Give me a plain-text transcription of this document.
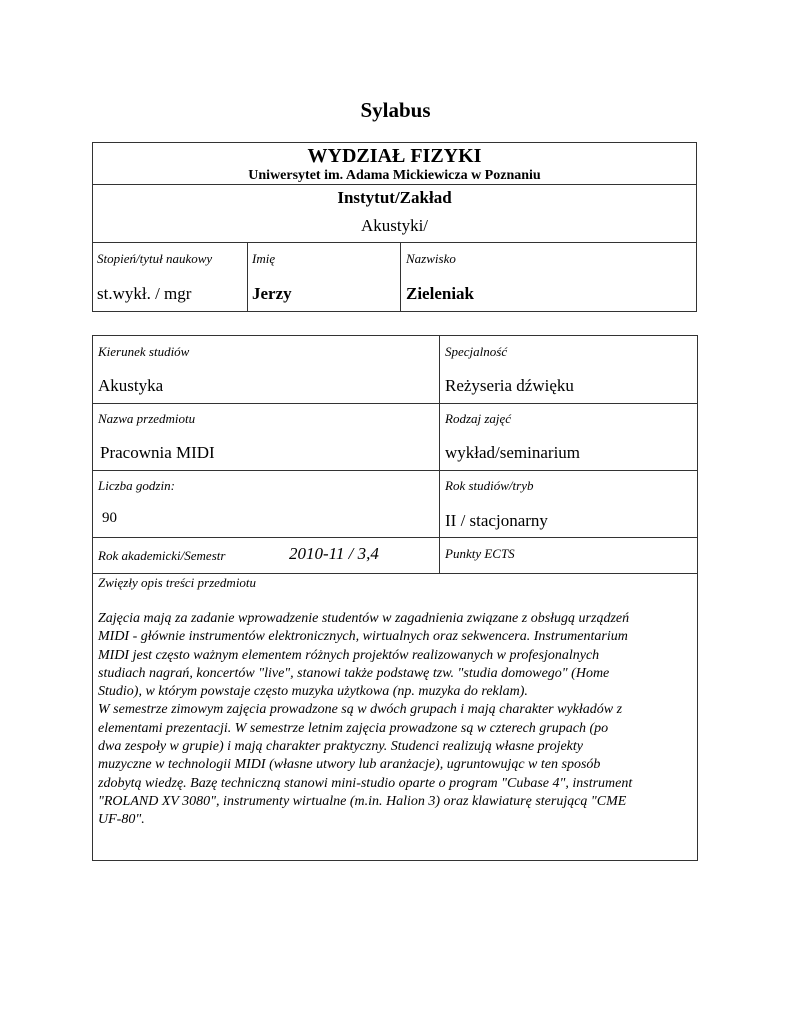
Sylabus
WYDZIAŁ FIZYKI
Uniwersytet im. Adama Mickiewicza w Poznaniu
Instytut/Zakład
Akustyki/
Stopień/tytuł naukowy
st.wykł. / mgr
Imię
Jerzy
Nazwisko
Zieleniak
Kierunek studiów
Akustyka
Specjalność
Reżyseria dźwięku
Nazwa przedmiotu
Pracownia MIDI
Rodzaj zajęć
wykład/seminarium
Liczba godzin:
90
Rok studiów/tryb
II / stacjonarny
Rok akademicki/Semestr	2010-11 / 3,4	Punkty ECTS
Zwięzły opis treści przedmiotu
Zajęcia mają za zadanie wprowadzenie studentów w zagadnienia związane z obsługą urządzeń
MIDI - głównie instrumentów elektronicznych, wirtualnych oraz sekwencera. Instrumentarium
MIDI jest często ważnym elementem różnych projektów realizowanych w profesjonalnych
studiach nagrań, koncertów "live", stanowi także podstawę tzw. "studia domowego" (Home
Studio), w którym powstaje często muzyka użytkowa (np. muzyka do reklam).
W semestrze zimowym zajęcia prowadzone są w dwóch grupach i mają charakter wykładów z
elementami prezentacji. W semestrze letnim zajęcia prowadzone są w czterech grupach (po
dwa zespoły w grupie) i mają charakter praktyczny. Studenci realizują własne projekty
muzyczne w technologii MIDI (własne utwory lub aranżacje), ugruntowując w ten sposób
zdobytą wiedzę. Bazę techniczną stanowi mini-studio oparte o program "Cubase 4", instrument
"ROLAND XV 3080", instrumenty wirtualne (m.in. Halion 3) oraz klawiaturę sterującą "CME
UF-80".
